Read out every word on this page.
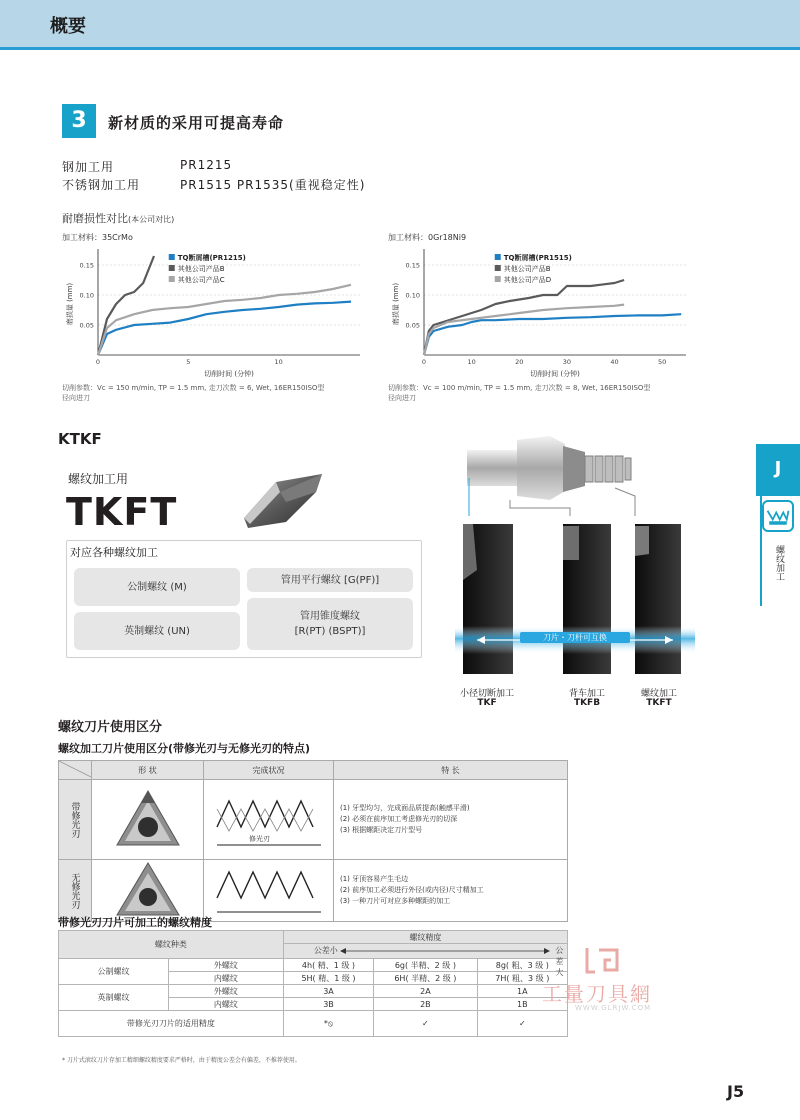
概要
3	新材质的采用可提高寿命
钢加工用	PR1215
不锈钢加工用	PR1515 PR1535(重视稳定性)
耐磨损性对比(本公司对比)
加工材料：35CrMo	加工材料：0Gr18Ni9
0.05
0.10
0.15
0	5	10
切削时间 (分钟)
磨损量 (mm)
TQ断屑槽(PR1215)
其他公司产品B
其他公司产品C
0.05
0.10
0.15
0	10	20	30	40	50
切削时间 (分钟)
磨损量 (mm)
TQ断屑槽(PR1515)
其他公司产品B
其他公司产品D
切削参数：Vc = 150 m/min, TP = 1.5 mm, 走刀次数 = 6, Wet, 16ER150ISO型
径向进刀
切削参数：Vc = 100 m/min, TP = 1.5 mm, 走刀次数 = 8, Wet, 16ER150ISO型
径向进刀
KTKF
螺纹加工用
TKFT
对应各种螺纹加工
公制螺纹 (M)
管用平行螺纹 [G(PF)]
英制螺纹 (UN)
管用锥度螺纹
[R(PT) (BSPT)]
刀片・刀杆可互换
小径切断加工
TKF
背车加工
TKFB
螺纹加工
TKFT
J
螺纹加工
螺纹刀片使用区分
螺纹加工刀片使用区分(带修光刃与无修光刃的特点)
	形 状	完成状况	特 长
带修光刃		修光刃	(1) 牙型均匀，完成面品质提高(触感平滑)
(2) 必须在前序加工考虑修光刃的切深
(3) 根据螺距决定刀片型号

无修光刃			(1) 牙顶容易产生毛边
(2) 前序加工必须进行外径(或内径)尺寸精加工
(3) 一种刀片可对应多种螺距的加工
带修光刃刀片可加工的螺纹精度
螺纹种类		螺纹精度		

		公差小 公差大		

公制螺纹	外螺纹	4h( 精、1 级 )	6g( 半精、2 级 )	8g( 粗、3 级 )
	内螺纹	5H( 精、1 级 )	6H( 半精、2 级 )	7H( 粗、3 级 )
英制螺纹	外螺纹	3A	2A	1A
	内螺纹	3B	2B	1B
带修光刃刀片的适用精度		*⦸	✓	✓
* 刀片式滚纹刀片存加工精细螺纹精度要求严格时，由于精度公差会有偏差，不推荐使用。
工量刀具網
WWW.GLRJW.COM
J5
